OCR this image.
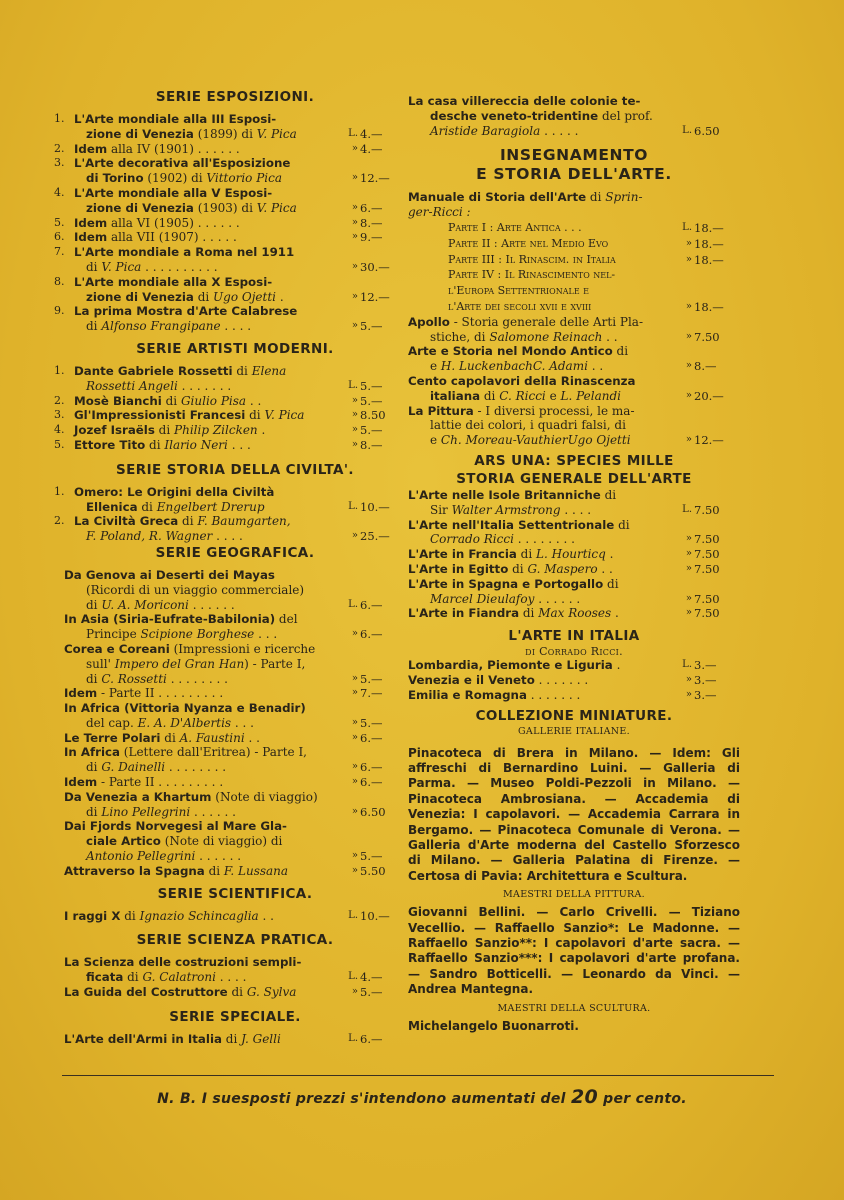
SERIE ESPOSIZIONI.
1. L'Arte mondiale alla III Esposi-
zione di Venezia (1899) di V. Pica	L. 4.—
2. Idem alla IV (1901) . . . . . .	» 4.—
3. L'Arte decorativa all'Esposizione
di Torino (1902) di Vittorio Pica	» 12.—
4. L'Arte mondiale alla V Esposi-
zione di Venezia (1903) di V. Pica	» 6.—
5. Idem alla VI (1905) . . . . . .	» 8.—
6. Idem alla VII (1907) . . . . .	» 9.—
7. L'Arte mondiale a Roma nel 1911
di V. Pica . . . . . . . . . .	» 30.—
8. L'Arte mondiale alla X Esposi-
zione di Venezia di Ugo Ojetti .	» 12.—
9. La prima Mostra d'Arte Calabrese
di Alfonso Frangipane . . . .	» 5.—
SERIE ARTISTI MODERNI.
1. Dante Gabriele Rossetti di Elena
Rossetti Angeli . . . . . . .	L. 5.—
2. Mosè Bianchi di Giulio Pisa . .	» 5.—
3. Gl'Impressionisti Francesi di V. Pica	» 8.50
4. Jozef Israëls di Philip Zilcken .	» 5.—
5. Ettore Tito di Ilario Neri . . .	» 8.—
SERIE STORIA DELLA CIVILTA'.
1. Omero: Le Origini della Civiltà
Ellenica di Engelbert Drerup	L. 10.—
2. La Civiltà Greca di F. Baumgarten,
F. Poland, R. Wagner . . . .	» 25.—
SERIE GEOGRAFICA.
Da Genova ai Deserti dei Mayas
(Ricordi di un viaggio commerciale)
di U. A. Moriconi . . . . . .	L. 6.—
In Asia (Siria-Eufrate-Babilonia) del
Principe Scipione Borghese . . .	» 6.—
Corea e Coreani (Impressioni e ricerche
sull' Impero del Gran Han) - Parte I,
di C. Rossetti . . . . . . . .	» 5.—
Idem - Parte II . . . . . . . . .	» 7.—
In Africa (Vittoria Nyanza e Benadir)
del cap. E. A. D'Albertis . . .	» 5.—
Le Terre Polari di A. Faustini . .	» 6.—
In Africa (Lettere dall'Eritrea) - Parte I,
di G. Dainelli . . . . . . . .	» 6.—
Idem - Parte II . . . . . . . . .	» 6.—
Da Venezia a Khartum (Note di viaggio)
di Lino Pellegrini . . . . . .	» 6.50
Dai Fjords Norvegesi al Mare Gla-
ciale Artico (Note di viaggio) di
Antonio Pellegrini . . . . . .	» 5.—
Attraverso la Spagna di F. Lussana	» 5.50
SERIE SCIENTIFICA.
I raggi X di Ignazio Schincaglia . .	L. 10.—
SERIE SCIENZA PRATICA.
La Scienza delle costruzioni sempli-
ficata di G. Calatroni . . . .	L. 4.—
La Guida del Costruttore di G. Sylva	» 5.—
SERIE SPECIALE.
L'Arte dell'Armi in Italia di J. Gelli	L. 6.—
La casa villereccia delle colonie te-
desche veneto-tridentine del prof.
Aristide Baragiola . . . . .	L. 6.50
INSEGNAMENTO
E STORIA DELL'ARTE.
Manuale di Storia dell'Arte di Sprin-
ger-Ricci :
Parte I : Arte Antica . . .	L. 18.—
Parte II : Arte nel Medio Evo	» 18.—
Parte III : Il Rinascim. in Italia	» 18.—
Parte IV : Il Rinascimento nel-
l'Europa Settentrionale e
l'Arte dei secoli xvii e xviii	» 18.—
Apollo - Storia generale delle Arti Pla-
stiche, di Salomone Reinach . .	» 7.50
Arte e Storia nel Mondo Antico di
e H. LuckenbachC. Adami . .	» 8.—
Cento capolavori della Rinascenza
italiana di C. Ricci e L. Pelandi	» 20.—
La Pittura - I diversi processi, le ma-
lattie dei colori, i quadri falsi, di
e Ch. Moreau-VauthierUgo Ojetti	» 12.—
ARS UNA: SPECIES MILLE
STORIA GENERALE DELL'ARTE
L'Arte nelle Isole Britanniche di
Sir Walter Armstrong . . . .	L. 7.50
L'Arte nell'Italia Settentrionale di
Corrado Ricci . . . . . . . .	» 7.50
L'Arte in Francia di L. Hourticq .	» 7.50
L'Arte in Egitto di G. Maspero . .	» 7.50
L'Arte in Spagna e Portogallo di
Marcel Dieulafoy . . . . . .	» 7.50
L'Arte in Fiandra di Max Rooses .	» 7.50
L'ARTE IN ITALIA
di Corrado Ricci.
Lombardia, Piemonte e Liguria .	L. 3.—
Venezia e il Veneto . . . . . . .	» 3.—
Emilia e Romagna . . . . . . .	» 3.—
COLLEZIONE MINIATURE.
GALLERIE ITALIANE.
Pinacoteca di Brera in Milano. — Idem: Gli affreschi di Bernardino Luini. — Galleria di Parma. — Museo Poldi-Pezzoli in Milano. — Pinacoteca Ambrosiana. — Accademia di Venezia: I capolavori. — Accademia Carrara in Bergamo. — Pinacoteca Comunale di Verona. — Galleria d'Arte moderna del Castello Sforzesco di Milano. — Galleria Palatina di Firenze. — Certosa di Pavia: Architettura e Scultura.
MAESTRI DELLA PITTURA.
Giovanni Bellini. — Carlo Crivelli. — Tiziano Vecellio. — Raffaello Sanzio*: Le Madonne. — Raffaello Sanzio**: I capolavori d'arte sacra. — Raffaello Sanzio***: I capolavori d'arte profana. — Sandro Botticelli. — Leonardo da Vinci. — Andrea Mantegna.
MAESTRI DELLA SCULTURA.
Michelangelo Buonarroti.
N. B. I suesposti prezzi s'intendono aumentati del 20 per cento.
